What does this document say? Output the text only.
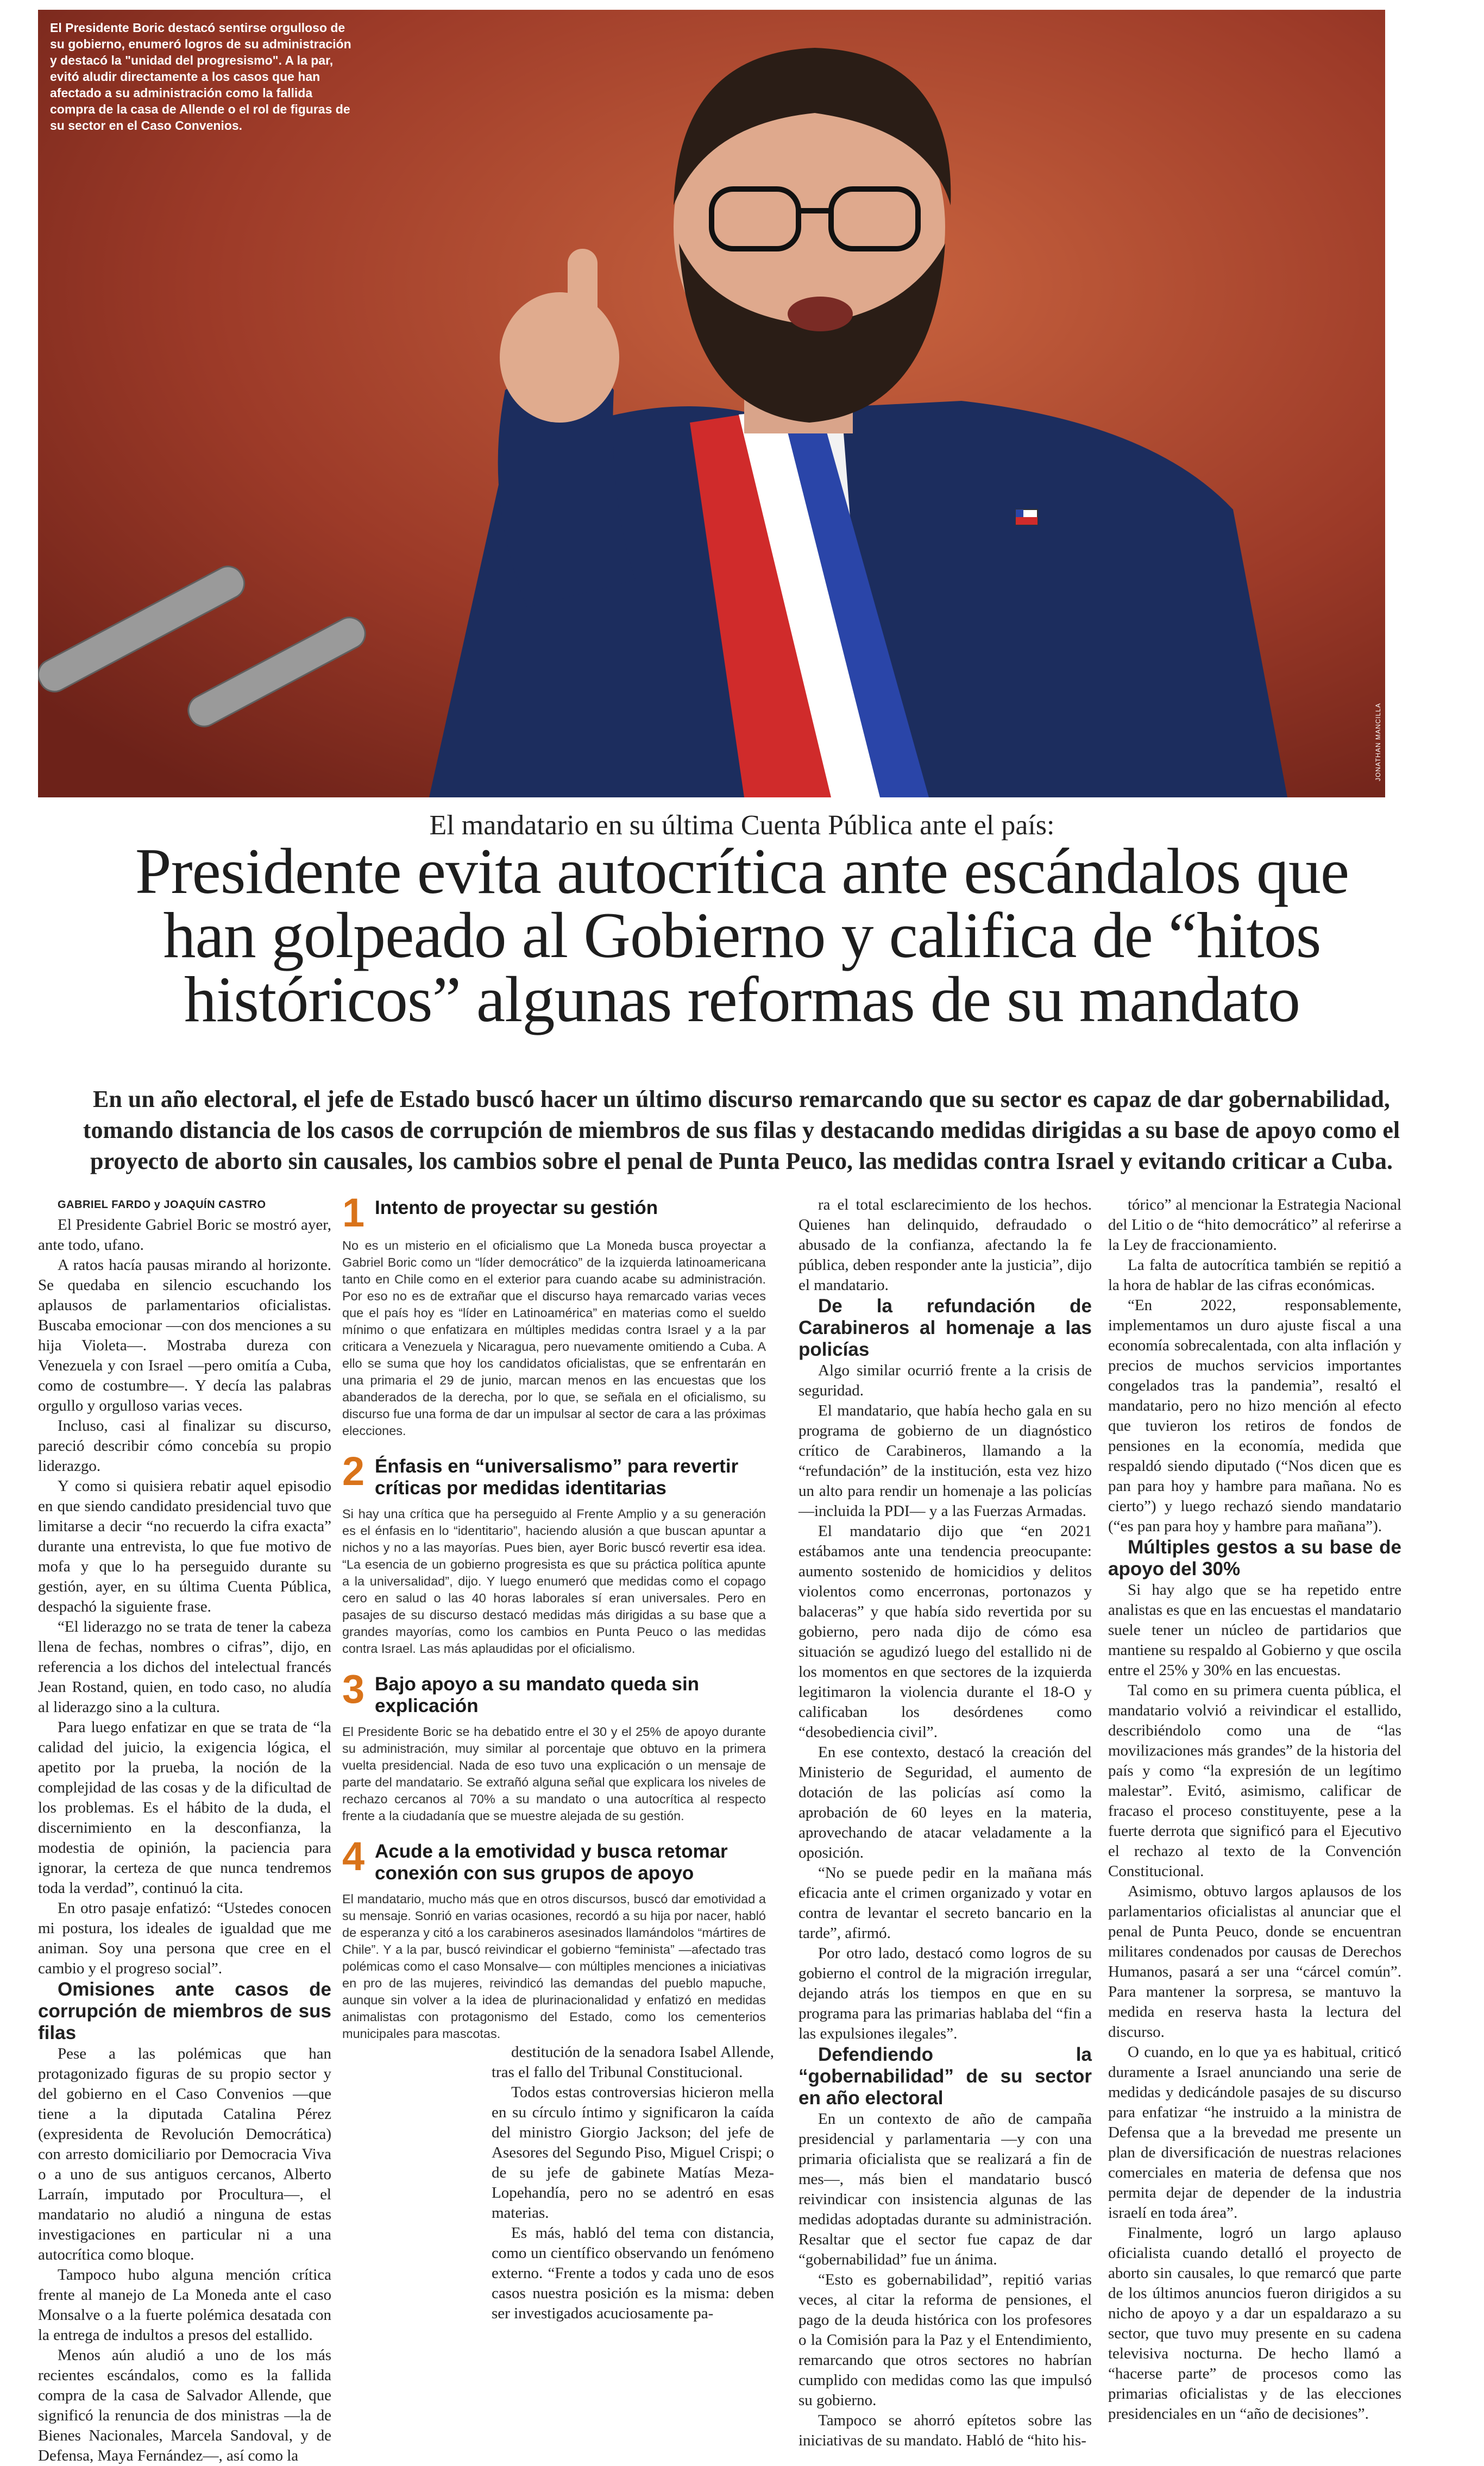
El Presidente Boric destacó sentirse orgulloso de su gobierno, enumeró logros de su administración y destacó la "unidad del progresismo". A la par, evitó aludir directamente a los casos que han afectado a su administración como la fallida compra de la casa de Allende o el rol de figuras de su sector en el Caso Convenios.

JONATHAN MANCILLA

El mandatario en su última Cuenta Pública ante el país:

Presidente evita autocrítica ante escándalos que
han golpeado al Gobierno y califica de “hitos
históricos” algunas reformas de su mandato

En un año electoral, el jefe de Estado buscó hacer un último discurso remarcando que su sector es capaz de dar gobernabilidad, tomando distancia de los casos de corrupción de miembros de sus filas y destacando medidas dirigidas a su base de apoyo como el proyecto de aborto sin causales, los cambios sobre el penal de Punta Peuco, las medidas contra Israel y evitando criticar a Cuba.

GABRIEL FARDO y JOAQUÍN CASTRO

El Presidente Gabriel Boric se mostró ayer, ante todo, ufano.

A ratos hacía pausas mirando al horizonte. Se quedaba en silencio escuchando los aplausos de parlamentarios oficialistas. Buscaba emocionar —con dos menciones a su hija Violeta—. Mostraba dureza con Venezuela y con Israel —pero omitía a Cuba, como de costumbre—. Y decía las palabras orgullo y orgulloso varias veces.

Incluso, casi al finalizar su discurso, pareció describir cómo concebía su propio liderazgo.

Y como si quisiera rebatir aquel episodio en que siendo candidato presidencial tuvo que limitarse a decir “no recuerdo la cifra exacta” durante una entrevista, lo que fue motivo de mofa y que lo ha perseguido durante su gestión, ayer, en su última Cuenta Pública, despachó la siguiente frase.

“El liderazgo no se trata de tener la cabeza llena de fechas, nombres o cifras”, dijo, en referencia a los dichos del intelectual francés Jean Rostand, quien, en todo caso, no aludía al liderazgo sino a la cultura.

Para luego enfatizar en que se trata de “la calidad del juicio, la exigencia lógica, el apetito por la prueba, la noción de la complejidad de las cosas y de la dificultad de los problemas. Es el hábito de la duda, el discernimiento en la desconfianza, la modestia de opinión, la paciencia para ignorar, la certeza de que nunca tendremos toda la verdad”, continuó la cita.

En otro pasaje enfatizó: “Ustedes conocen mi postura, los ideales de igualdad que me animan. Soy una persona que cree en el cambio y el progreso social”.

Omisiones ante casos de corrupción de miembros de sus filas

Pese a las polémicas que han protagonizado figuras de su propio sector y del gobierno en el Caso Convenios —que tiene a la diputada Catalina Pérez (expresidenta de Revolución Democrática) con arresto domiciliario por Democracia Viva o a uno de sus antiguos cercanos, Alberto Larraín, imputado por Procultura—, el mandatario no aludió a ninguna de estas investigaciones en particular ni a una autocrítica como bloque.

Tampoco hubo alguna mención crítica frente al manejo de La Moneda ante el caso Monsalve o a la fuerte polémica desatada con la entrega de indultos a presos del estallido.

Menos aún aludió a uno de los más recientes escándalos, como es la fallida compra de la casa de Salvador Allende, que significó la renuncia de dos ministras —la de Bienes Nacionales, Marcela Sandoval, y de Defensa, Maya Fernández—, así como la

1 Intento de proyectar su gestión

No es un misterio en el oficialismo que La Moneda busca proyectar a Gabriel Boric como un “líder democrático” de la izquierda latinoamericana tanto en Chile como en el exterior para cuando acabe su administración. Por eso no es de extrañar que el discurso haya remarcado varias veces que el país hoy es “líder en Latinoamérica” en materias como el sueldo mínimo o que enfatizara en múltiples medidas contra Israel y a la par criticara a Venezuela y Nicaragua, pero nuevamente omitiendo a Cuba. A ello se suma que hoy los candidatos oficialistas, que se enfrentarán en una primaria el 29 de junio, marcan menos en las encuestas que los abanderados de la derecha, por lo que, se señala en el oficialismo, su discurso fue una forma de dar un impulsar al sector de cara a las próximas elecciones.

2 Énfasis en “universalismo” para revertir críticas por medidas identitarias

Si hay una crítica que ha perseguido al Frente Amplio y a su generación es el énfasis en lo “identitario”, haciendo alusión a que buscan apuntar a nichos y no a las mayorías. Pues bien, ayer Boric buscó revertir esa idea. “La esencia de un gobierno progresista es que su práctica política apunte a la universalidad”, dijo. Y luego enumeró que medidas como el copago cero en salud o las 40 horas laborales sí eran universales. Pero en pasajes de su discurso destacó medidas más dirigidas a su base que a grandes mayorías, como los cambios en Punta Peuco o las medidas contra Israel. Las más aplaudidas por el oficialismo.

3 Bajo apoyo a su mandato queda sin explicación

El Presidente Boric se ha debatido entre el 30 y el 25% de apoyo durante su administración, muy similar al porcentaje que obtuvo en la primera vuelta presidencial. Nada de eso tuvo una explicación o un mensaje de parte del mandatario. Se extrañó alguna señal que explicara los niveles de rechazo cercanos al 70% a su mandato o una autocrítica al respecto frente a la ciudadanía que se muestre alejada de su gestión.

4 Acude a la emotividad y busca retomar conexión con sus grupos de apoyo

El mandatario, mucho más que en otros discursos, buscó dar emotividad a su mensaje. Sonrió en varias ocasiones, recordó a su hija por nacer, habló de esperanza y citó a los carabineros asesinados llamándolos “mártires de Chile”. Y a la par, buscó reivindicar el gobierno “feminista” —afectado tras polémicas como el caso Monsalve— con múltiples menciones a iniciativas en pro de las mujeres, reivindicó las demandas del pueblo mapuche, aunque sin volver a la idea de plurinacionalidad y enfatizó en medidas animalistas con protagonismo del Estado, como los cementerios municipales para mascotas.

destitución de la senadora Isabel Allende, tras el fallo del Tribunal Constitucional.

Todos estas controversias hicieron mella en su círculo íntimo y significaron la caída del ministro Giorgio Jackson; del jefe de Asesores del Segundo Piso, Miguel Crispi; o de su jefe de gabinete Matías Meza-Lopehandía, pero no se adentró en esas materias.

Es más, habló del tema con distancia, como un científico observando un fenómeno externo. “Frente a todos y cada uno de esos casos nuestra posición es la misma: deben ser investigados acuciosamente pa-

ra el total esclarecimiento de los hechos. Quienes han delinquido, defraudado o abusado de la confianza, afectando la fe pública, deben responder ante la justicia”, dijo el mandatario.

De la refundación de Carabineros al homenaje a las policías

Algo similar ocurrió frente a la crisis de seguridad.

El mandatario, que había hecho gala en su programa de gobierno de un diagnóstico crítico de Carabineros, llamando a la “refundación” de la institución, esta vez hizo un alto para rendir un homenaje a las policías —incluida la PDI— y a las Fuerzas Armadas.

El mandatario dijo que “en 2021 estábamos ante una tendencia preocupante: aumento sostenido de homicidios y delitos violentos como encerronas, portonazos y balaceras” y que había sido revertida por su gobierno, pero nada dijo de cómo esa situación se agudizó luego del estallido ni de los momentos en que sectores de la izquierda legitimaron la violencia durante el 18-O y calificaban los desórdenes como “desobediencia civil”.

En ese contexto, destacó la creación del Ministerio de Seguridad, el aumento de dotación de las policías así como la aprobación de 60 leyes en la materia, aprovechando de atacar veladamente a la oposición.

“No se puede pedir en la mañana más eficacia ante el crimen organizado y votar en contra de levantar el secreto bancario en la tarde”, afirmó.

Por otro lado, destacó como logros de su gobierno el control de la migración irregular, dejando atrás los tiempos en que en su programa para las primarias hablaba del “fin a las expulsiones ilegales”.

Defendiendo la “gobernabilidad” de su sector en año electoral

En un contexto de año de campaña presidencial y parlamentaria —y con una primaria oficialista que se realizará a fin de mes—, más bien el mandatario buscó reivindicar con insistencia algunas de las medidas adoptadas durante su administración. Resaltar que el sector fue capaz de dar “gobernabilidad” fue un ánima.

“Esto es gobernabilidad”, repitió varias veces, al citar la reforma de pensiones, el pago de la deuda histórica con los profesores o la Comisión para la Paz y el Entendimiento, remarcando que otros sectores no habrían cumplido con medidas como las que impulsó su gobierno.

Tampoco se ahorró epítetos sobre las iniciativas de su mandato. Habló de “hito his-

tórico” al mencionar la Estrategia Nacional del Litio o de “hito democrático” al referirse a la Ley de fraccionamiento.

La falta de autocrítica también se repitió a la hora de hablar de las cifras económicas.

“En 2022, responsablemente, implementamos un duro ajuste fiscal a una economía sobrecalentada, con alta inflación y precios de muchos servicios importantes congelados tras la pandemia”, resaltó el mandatario, pero no hizo mención al efecto que tuvieron los retiros de fondos de pensiones en la economía, medida que respaldó siendo diputado (“Nos dicen que es pan para hoy y hambre para mañana. No es cierto”) y luego rechazó siendo mandatario (“es pan para hoy y hambre para mañana”).

Múltiples gestos a su base de apoyo del 30%

Si hay algo que se ha repetido entre analistas es que en las encuestas el mandatario suele tener un núcleo de partidarios que mantiene su respaldo al Gobierno y que oscila entre el 25% y 30% en las encuestas.

Tal como en su primera cuenta pública, el mandatario volvió a reivindicar el estallido, describiéndolo como una de “las movilizaciones más grandes” de la historia del país y como “la expresión de un legítimo malestar”. Evitó, asimismo, calificar de fracaso el proceso constituyente, pese a la fuerte derrota que significó para el Ejecutivo el rechazo al texto de la Convención Constitucional.

Asimismo, obtuvo largos aplausos de los parlamentarios oficialistas al anunciar que el penal de Punta Peuco, donde se encuentran militares condenados por causas de Derechos Humanos, pasará a ser una “cárcel común”. Para mantener la sorpresa, se mantuvo la medida en reserva hasta la lectura del discurso.

O cuando, en lo que ya es habitual, criticó duramente a Israel anunciando una serie de medidas y dedicándole pasajes de su discurso para enfatizar “he instruido a la ministra de Defensa que a la brevedad me presente un plan de diversificación de nuestras relaciones comerciales en materia de defensa que nos permita dejar de depender de la industria israelí en toda área”.

Finalmente, logró un largo aplauso oficialista cuando detalló el proyecto de aborto sin causales, lo que remarcó que parte de los últimos anuncios fueron dirigidos a su nicho de apoyo y a dar un espaldarazo a su sector, que tuvo muy presente en su cadena televisiva nocturna. De hecho llamó a “hacerse parte” de procesos como las primarias oficialistas y de las elecciones presidenciales en un “año de decisiones”.
